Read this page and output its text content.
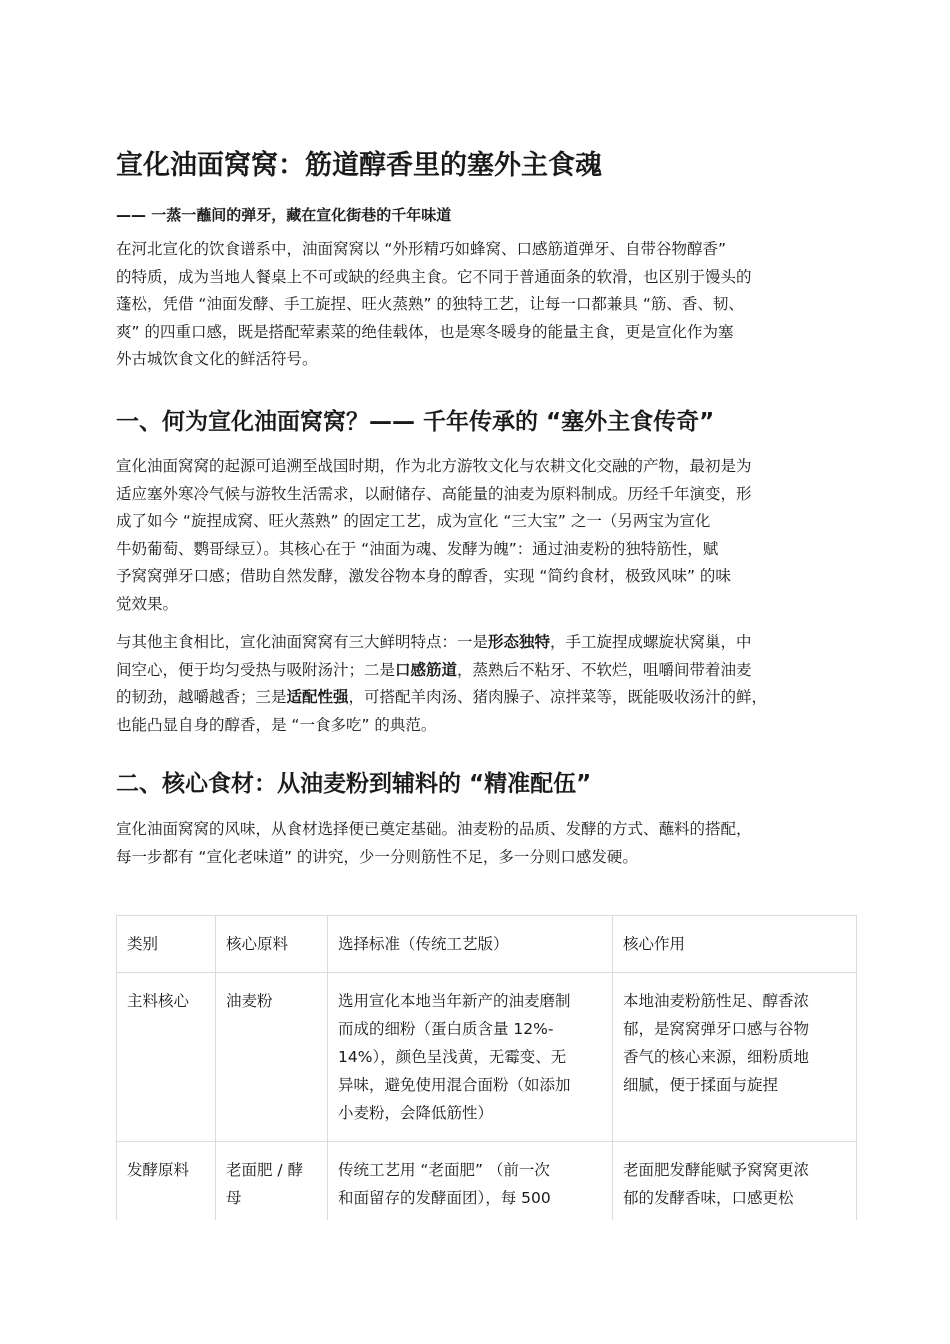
宣化油面窝窝：筋道醇香里的塞外主食魂

—— 一蒸一蘸间的弹牙，藏在宣化街巷的千年味道

在河北宣化的饮食谱系中，油面窝窝以 “外形精巧如蜂窝、口感筋道弹牙、自带谷物醇香”
的特质，成为当地人餐桌上不可或缺的经典主食。它不同于普通面条的软滑，也区别于馒头的
蓬松，凭借 “油面发酵、手工旋捏、旺火蒸熟” 的独特工艺，让每一口都兼具 “筋、香、韧、
爽” 的四重口感，既是搭配荤素菜的绝佳载体，也是寒冬暖身的能量主食，更是宣化作为塞
外古城饮食文化的鲜活符号。

一、何为宣化油面窝窝？—— 千年传承的 “塞外主食传奇”

宣化油面窝窝的起源可追溯至战国时期，作为北方游牧文化与农耕文化交融的产物，最初是为
适应塞外寒冷气候与游牧生活需求，以耐储存、高能量的油麦为原料制成。历经千年演变，形
成了如今 “旋捏成窝、旺火蒸熟” 的固定工艺，成为宣化 “三大宝” 之一（另两宝为宣化
牛奶葡萄、鹦哥绿豆）。其核心在于 “油面为魂、发酵为魄”：通过油麦粉的独特筋性，赋
予窝窝弹牙口感；借助自然发酵，激发谷物本身的醇香，实现 “简约食材，极致风味” 的味
觉效果。

与其他主食相比，宣化油面窝窝有三大鲜明特点：一是形态独特，手工旋捏成螺旋状窝巢，中
间空心，便于均匀受热与吸附汤汁；二是口感筋道，蒸熟后不粘牙、不软烂，咀嚼间带着油麦
的韧劲，越嚼越香；三是适配性强，可搭配羊肉汤、猪肉臊子、凉拌菜等，既能吸收汤汁的鲜，
也能凸显自身的醇香，是 “一食多吃” 的典范。

二、核心食材：从油麦粉到辅料的 “精准配伍”

宣化油面窝窝的风味，从食材选择便已奠定基础。油麦粉的品质、发酵的方式、蘸料的搭配，
每一步都有 “宣化老味道” 的讲究，少一分则筋性不足，多一分则口感发硬。

类别	核心原料	选择标准（传统工艺版）	核心作用

主料核心	油麦粉	选用宣化本地当年新产的油麦磨制
而成的细粉（蛋白质含量 12%-
14%），颜色呈浅黄，无霉变、无
异味，避免使用混合面粉（如添加
小麦粉，会降低筋性）	本地油麦粉筋性足、醇香浓
郁，是窝窝弹牙口感与谷物
香气的核心来源，细粉质地
细腻，便于揉面与旋捏

发酵原料	老面肥 / 酵
母	传统工艺用 “老面肥” （前一次
和面留存的发酵面团），每 500	老面肥发酵能赋予窝窝更浓
郁的发酵香味，口感更松
